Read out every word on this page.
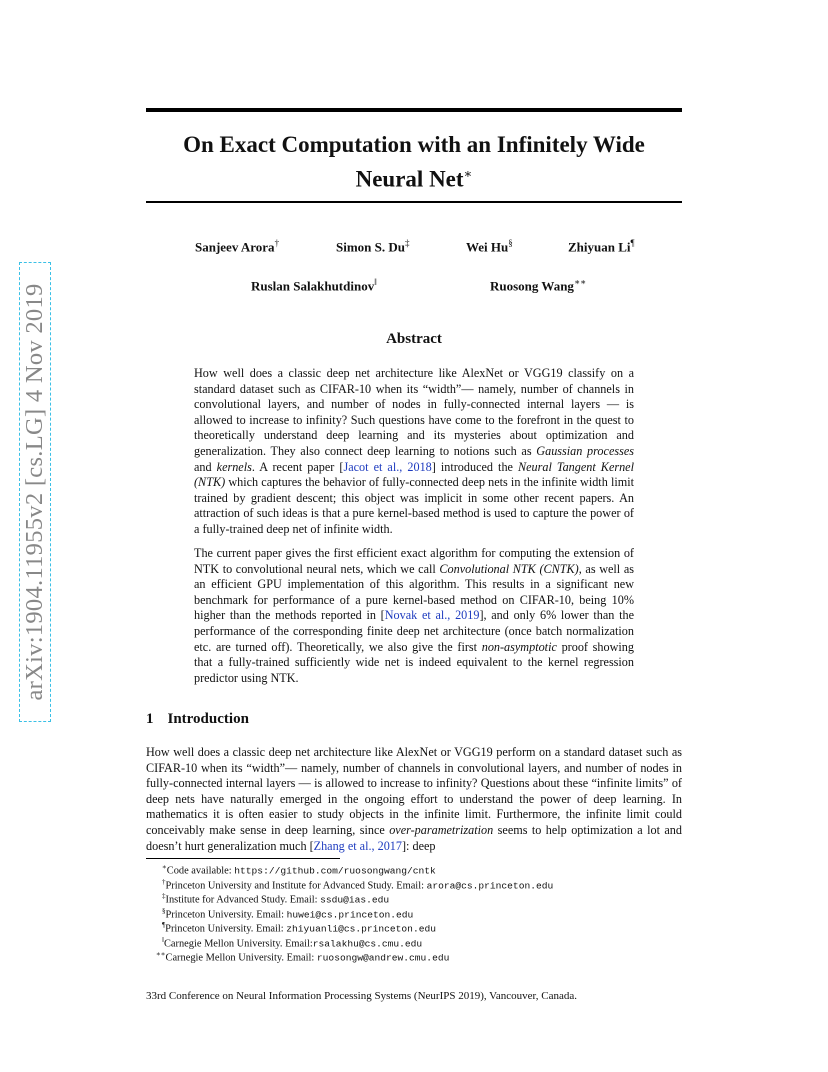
arXiv:1904.11955v2 [cs.LG] 4 Nov 2019
On Exact Computation with an Infinitely Wide
Neural Net∗
Sanjeev Arora†	Simon S. Du‡	Wei Hu§	Zhiyuan Li¶
Ruslan Salakhutdinov‖	Ruosong Wang∗∗
Abstract

How well does a classic deep net architecture like AlexNet or VGG19 classify on a standard dataset such as CIFAR-10 when its “width”— namely, number of channels in convolutional layers, and number of nodes in fully-connected internal layers — is allowed to increase to infinity? Such questions have come to the forefront in the quest to theoretically understand deep learning and its mysteries about optimization and generalization. They also connect deep learning to notions such as Gaussian processes and kernels. A recent paper [Jacot et al., 2018] introduced the Neural Tangent Kernel (NTK) which captures the behavior of fully-connected deep nets in the infinite width limit trained by gradient descent; this object was implicit in some other recent papers. An attraction of such ideas is that a pure kernel-based method is used to capture the power of a fully-trained deep net of infinite width.

The current paper gives the first efficient exact algorithm for computing the extension of NTK to convolutional neural nets, which we call Convolutional NTK (CNTK), as well as an efficient GPU implementation of this algorithm. This results in a significant new benchmark for performance of a pure kernel-based method on CIFAR-10, being 10% higher than the methods reported in [Novak et al., 2019], and only 6% lower than the performance of the corresponding finite deep net architecture (once batch normalization etc. are turned off). Theoretically, we also give the first non-asymptotic proof showing that a fully-trained sufficiently wide net is indeed equivalent to the kernel regression predictor using NTK.

1 Introduction

How well does a classic deep net architecture like AlexNet or VGG19 perform on a standard dataset such as CIFAR-10 when its “width”— namely, number of channels in convolutional layers, and number of nodes in fully-connected internal layers — is allowed to increase to infinity? Questions about these “infinite limits” of deep nets have naturally emerged in the ongoing effort to understand the power of deep learning. In mathematics it is often easier to study objects in the infinite limit. Furthermore, the infinite limit could conceivably make sense in deep learning, since over-parametrization seems to help optimization a lot and doesn’t hurt generalization much [Zhang et al., 2017]: deep

∗Code available: https://github.com/ruosongwang/cntk
†Princeton University and Institute for Advanced Study. Email: arora@cs.princeton.edu
‡Institute for Advanced Study. Email: ssdu@ias.edu
§Princeton University. Email: huwei@cs.princeton.edu
¶Princeton University. Email: zhiyuanli@cs.princeton.edu
‖Carnegie Mellon University. Email:rsalakhu@cs.cmu.edu
∗∗Carnegie Mellon University. Email: ruosongw@andrew.cmu.edu
33rd Conference on Neural Information Processing Systems (NeurIPS 2019), Vancouver, Canada.
